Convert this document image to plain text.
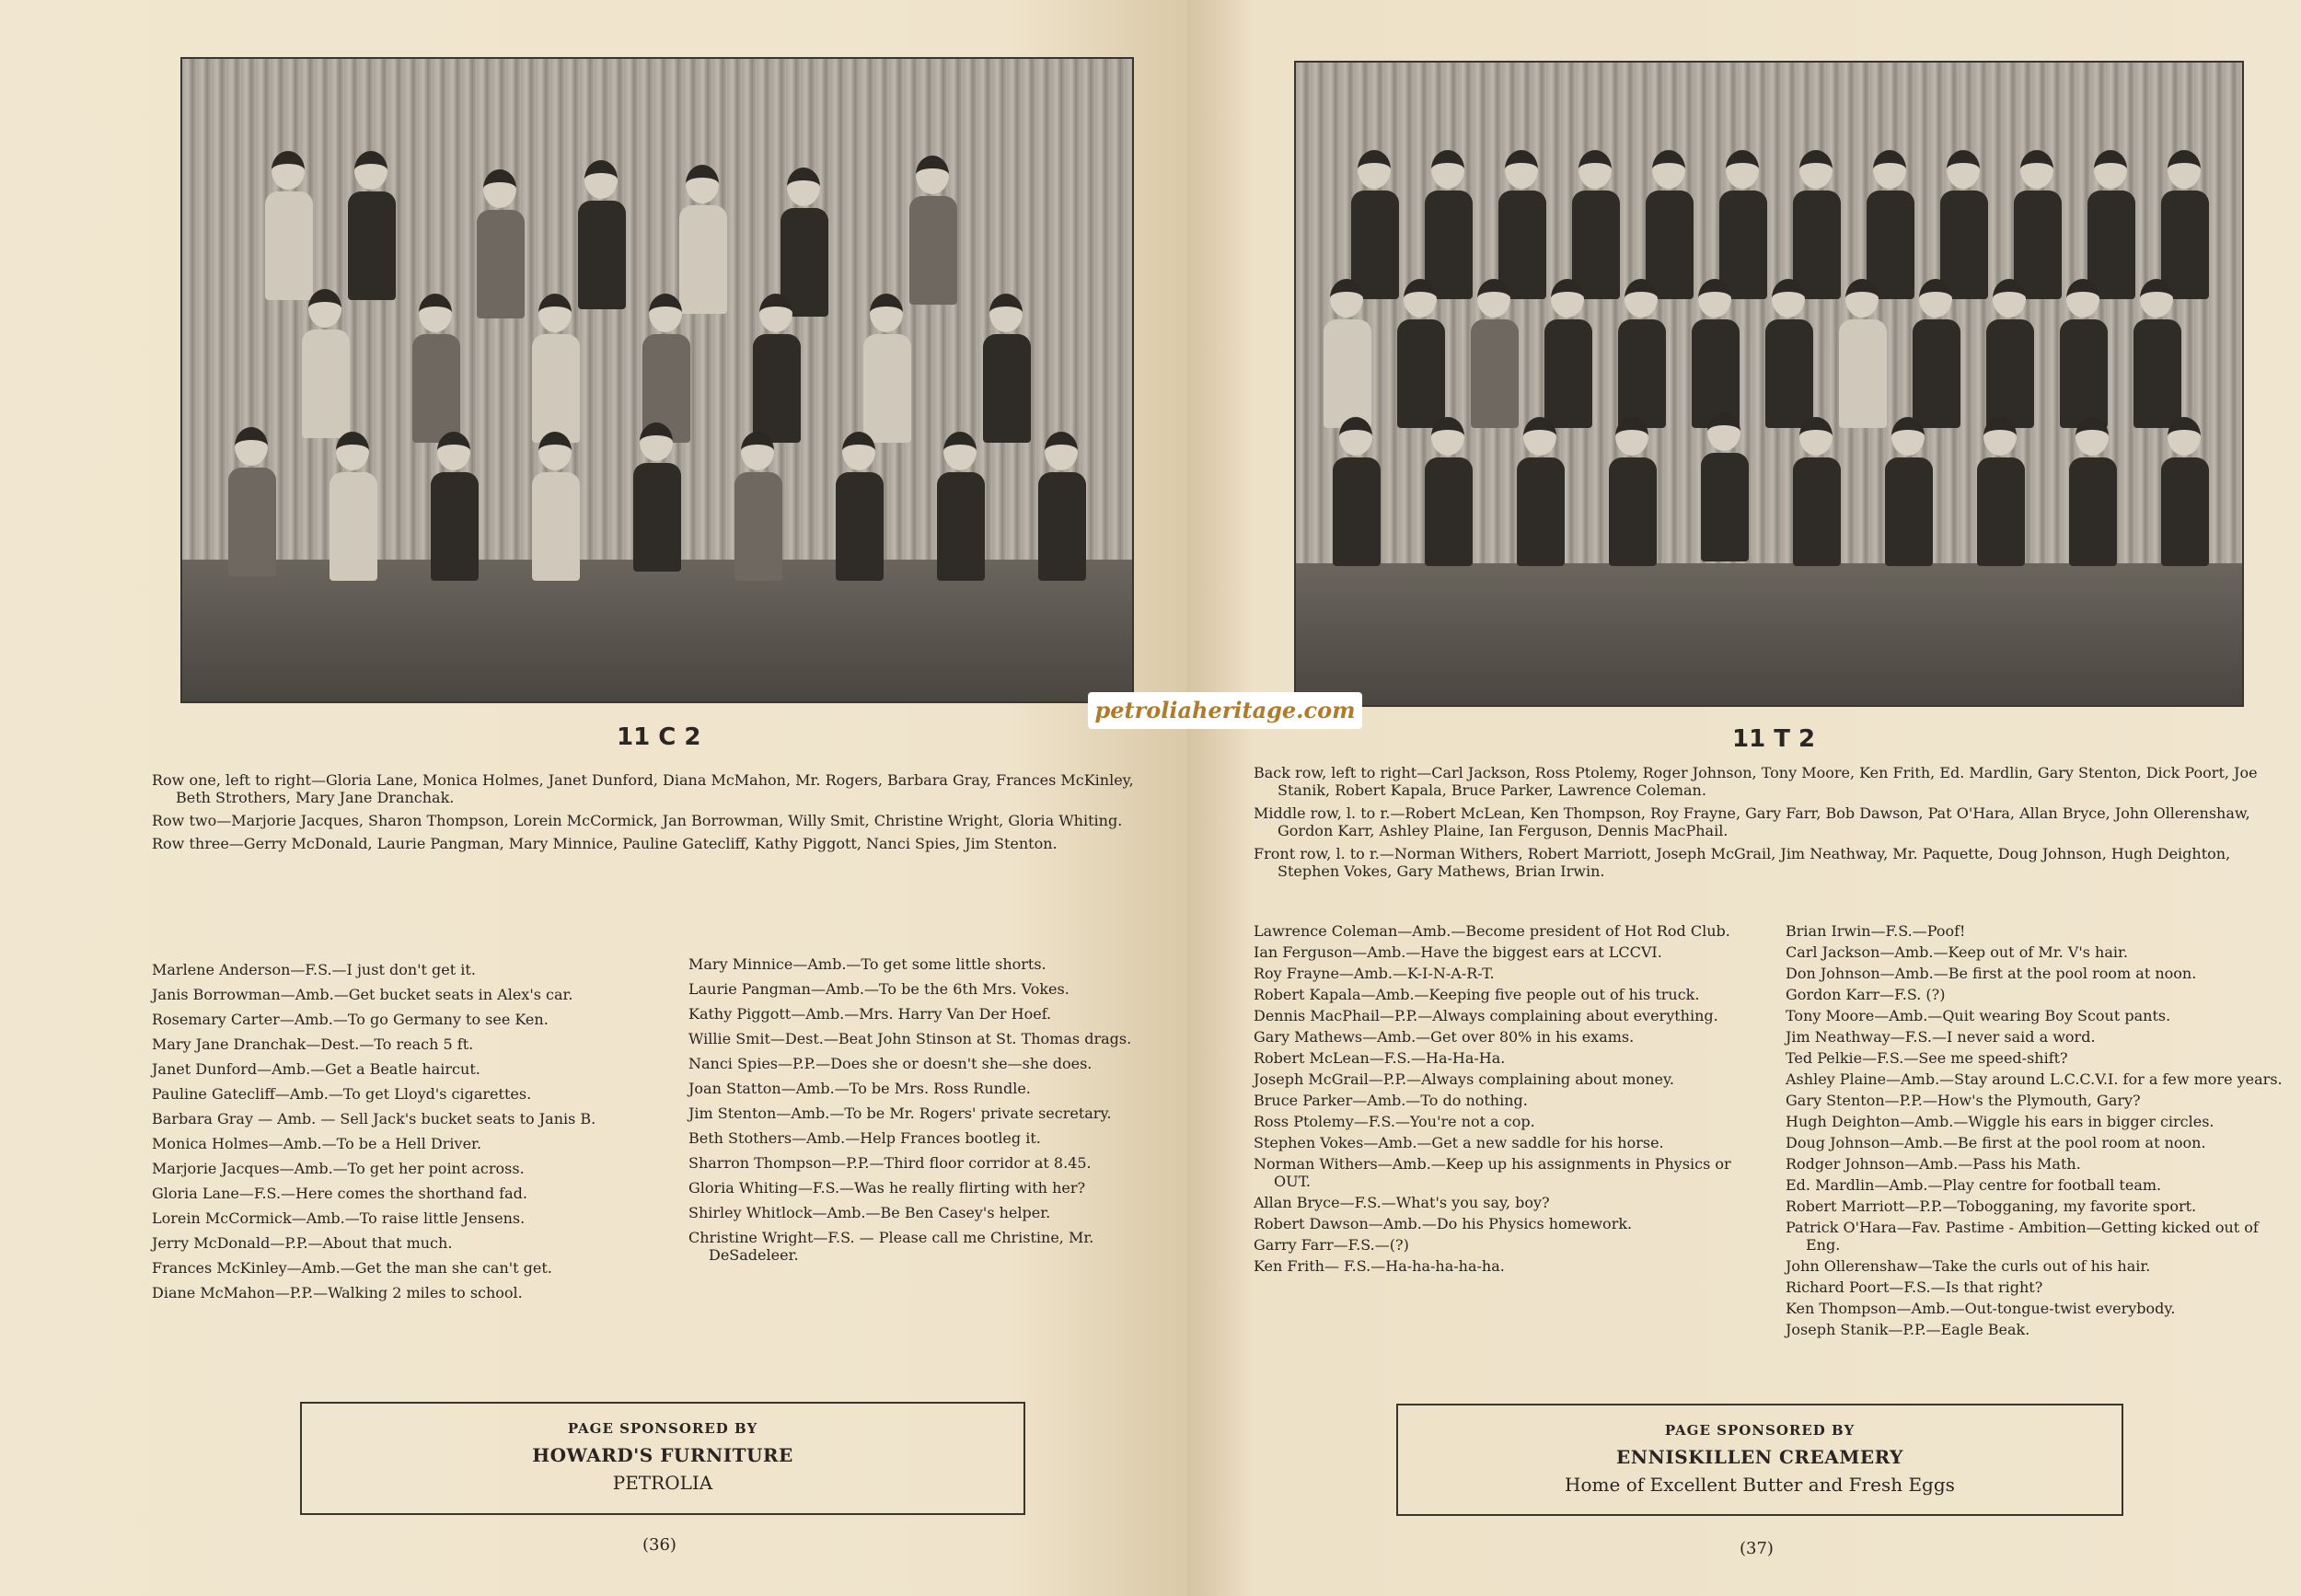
11 C 2

Row one, left to right—Gloria Lane, Monica Holmes, Janet Dunford, Diana McMahon, Mr. Rogers, Barbara Gray, Frances McKinley, Beth Strothers, Mary Jane Dranchak.

Row two—Marjorie Jacques, Sharon Thompson, Lorein McCormick, Jan Borrowman, Willy Smit, Christine Wright, Gloria Whiting.

Row three—Gerry McDonald, Laurie Pangman, Mary Minnice, Pauline Gatecliff, Kathy Piggott, Nanci Spies, Jim Stenton.

Marlene Anderson—F.S.—I just don't get it.
Janis Borrowman—Amb.—Get bucket seats in Alex's car.
Rosemary Carter—Amb.—To go Germany to see Ken.
Mary Jane Dranchak—Dest.—To reach 5 ft.
Janet Dunford—Amb.—Get a Beatle haircut.
Pauline Gatecliff—Amb.—To get Lloyd's cigarettes.
Barbara Gray — Amb. — Sell Jack's bucket seats to Janis B.
Monica Holmes—Amb.—To be a Hell Driver.
Marjorie Jacques—Amb.—To get her point across.
Gloria Lane—F.S.—Here comes the shorthand fad.
Lorein McCormick—Amb.—To raise little Jensens.
Jerry McDonald—P.P.—About that much.
Frances McKinley—Amb.—Get the man she can't get.
Diane McMahon—P.P.—Walking 2 miles to school.
Mary Minnice—Amb.—To get some little shorts.
Laurie Pangman—Amb.—To be the 6th Mrs. Vokes.
Kathy Piggott—Amb.—Mrs. Harry Van Der Hoef.
Willie Smit—Dest.—Beat John Stinson at St. Thomas drags.
Nanci Spies—P.P.—Does she or doesn't she—she does.
Joan Statton—Amb.—To be Mrs. Ross Rundle.
Jim Stenton—Amb.—To be Mr. Rogers' private secretary.
Beth Stothers—Amb.—Help Frances bootleg it.
Sharron Thompson—P.P.—Third floor corridor at 8.45.
Gloria Whiting—F.S.—Was he really flirting with her?
Shirley Whitlock—Amb.—Be Ben Casey's helper.
Christine Wright—F.S. — Please call me Christine, Mr. DeSadeleer.
PAGE SPONSORED BY
HOWARD'S FURNITURE
PETROLIA
(36)
11 T 2

Back row, left to right—Carl Jackson, Ross Ptolemy, Roger Johnson, Tony Moore, Ken Frith, Ed. Mardlin, Gary Stenton, Dick Poort, Joe Stanik, Robert Kapala, Bruce Parker, Lawrence Coleman.

Middle row, l. to r.—Robert McLean, Ken Thompson, Roy Frayne, Gary Farr, Bob Dawson, Pat O'Hara, Allan Bryce, John Ollerenshaw, Gordon Karr, Ashley Plaine, Ian Ferguson, Dennis MacPhail.

Front row, l. to r.—Norman Withers, Robert Marriott, Joseph McGrail, Jim Neathway, Mr. Paquette, Doug Johnson, Hugh Deighton, Stephen Vokes, Gary Mathews, Brian Irwin.

Lawrence Coleman—Amb.—Become president of Hot Rod Club.
Ian Ferguson—Amb.—Have the biggest ears at LCCVI.
Roy Frayne—Amb.—K-I-N-A-R-T.
Robert Kapala—Amb.—Keeping five people out of his truck.
Dennis MacPhail—P.P.—Always complaining about everything.
Gary Mathews—Amb.—Get over 80% in his exams.
Robert McLean—F.S.—Ha-Ha-Ha.
Joseph McGrail—P.P.—Always complaining about money.
Bruce Parker—Amb.—To do nothing.
Ross Ptolemy—F.S.—You're not a cop.
Stephen Vokes—Amb.—Get a new saddle for his horse.
Norman Withers—Amb.—Keep up his assignments in Physics or OUT.
Allan Bryce—F.S.—What's you say, boy?
Robert Dawson—Amb.—Do his Physics homework.
Garry Farr—F.S.—(?)
Ken Frith— F.S.—Ha-ha-ha-ha-ha.
Brian Irwin—F.S.—Poof!
Carl Jackson—Amb.—Keep out of Mr. V's hair.
Don Johnson—Amb.—Be first at the pool room at noon.
Gordon Karr—F.S. (?)
Tony Moore—Amb.—Quit wearing Boy Scout pants.
Jim Neathway—F.S.—I never said a word.
Ted Pelkie—F.S.—See me speed-shift?
Ashley Plaine—Amb.—Stay around L.C.C.V.I. for a few more years.
Gary Stenton—P.P.—How's the Plymouth, Gary?
Hugh Deighton—Amb.—Wiggle his ears in bigger circles.
Doug Johnson—Amb.—Be first at the pool room at noon.
Rodger Johnson—Amb.—Pass his Math.
Ed. Mardlin—Amb.—Play centre for football team.
Robert Marriott—P.P.—Tobogganing, my favorite sport.
Patrick O'Hara—Fav. Pastime - Ambition—Getting kicked out of Eng.
John Ollerenshaw—Take the curls out of his hair.
Richard Poort—F.S.—Is that right?
Ken Thompson—Amb.—Out-tongue-twist everybody.
Joseph Stanik—P.P.—Eagle Beak.
PAGE SPONSORED BY
ENNISKILLEN CREAMERY
Home of Excellent Butter and Fresh Eggs
(37)
petroliaheritage.com
